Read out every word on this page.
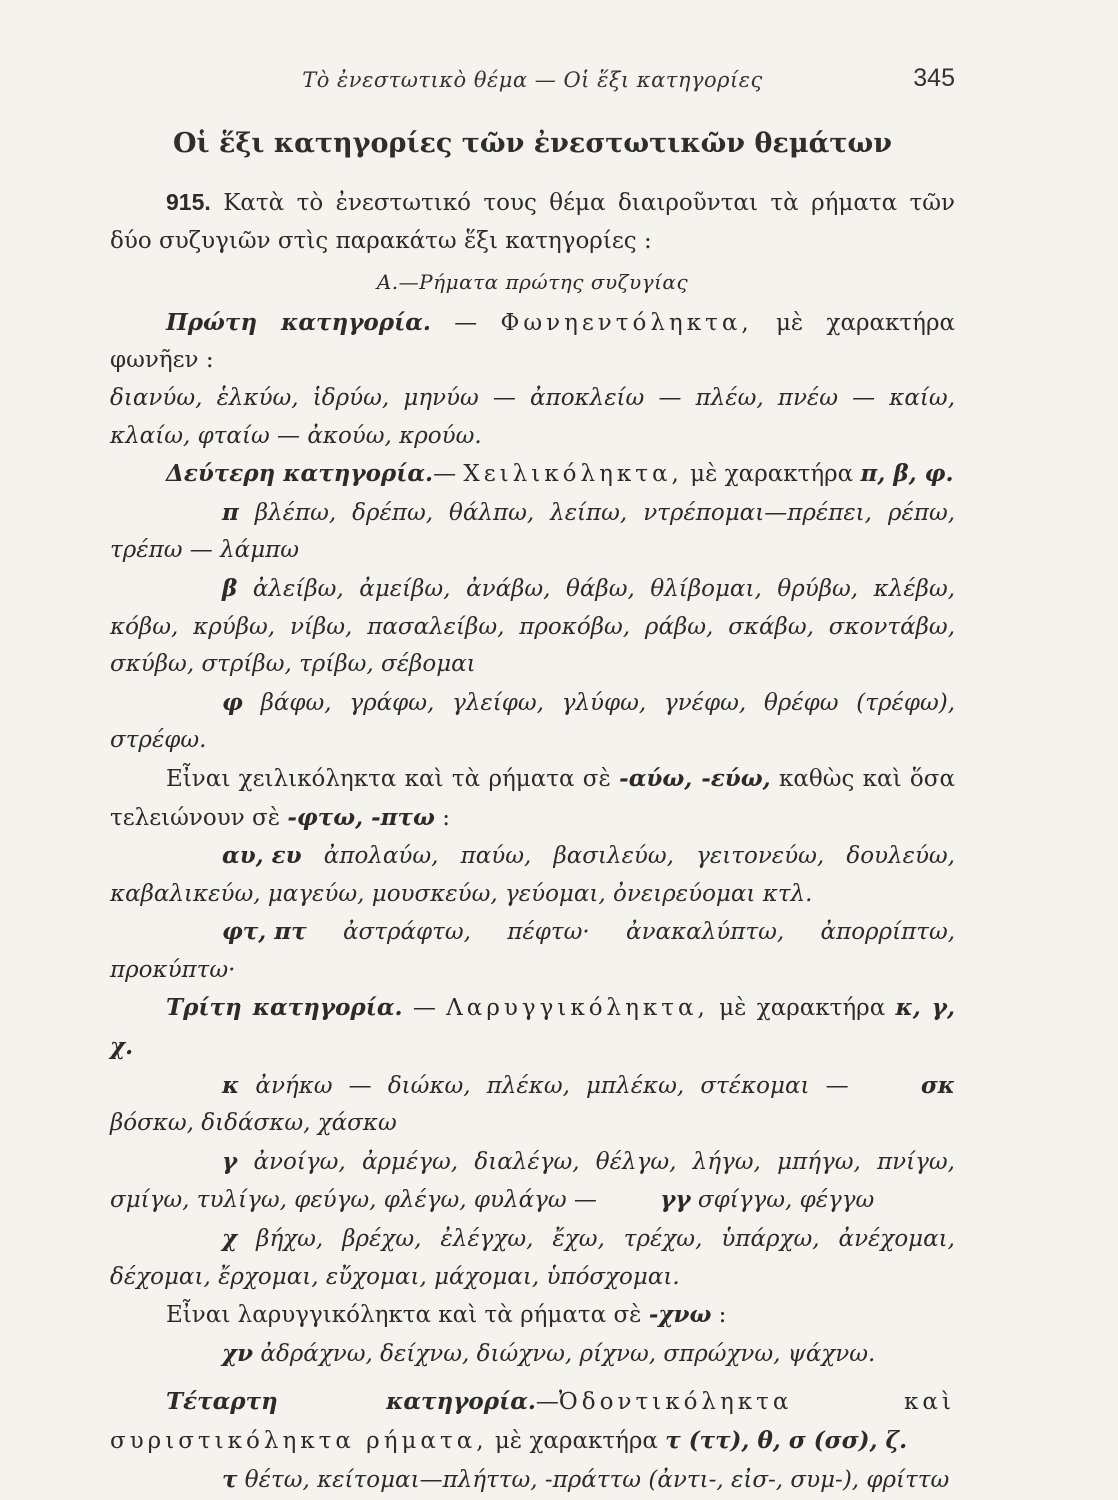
Τὸ ἐνεστωτικὸ θέμα — Οἱ ἕξι κατηγορίες	345
Οἱ ἕξι κατηγορίες τῶν ἐνεστωτικῶν θεμάτων

915. Κατὰ τὸ ἐνεστωτικό τους θέμα διαιροῦνται τὰ ρήματα τῶν δύο συζυγιῶν στὶς παρακάτω ἕξι κατηγορίες :

Α.—Ρήματα πρώτης συζυγίας

Πρώτη κατηγορία. — Φωνηεντόληκτα, μὲ χαρακτήρα φωνῆεν :

διανύω, ἑλκύω, ἱδρύω, μηνύω — ἀποκλείω — πλέω, πνέω — καίω, κλαίω, φταίω — ἀκούω, κρούω.

Δεύτερη κατηγορία.— Χειλικόληκτα, μὲ χαρακτήρα π, β, φ.

π βλέπω, δρέπω, θάλπω, λείπω, ντρέπομαι—πρέπει, ρέπω, τρέπω — λάμπω

β ἀλείβω, ἀμείβω, ἀνάβω, θάβω, θλίβομαι, θρύβω, κλέβω, κόβω, κρύβω, νίβω, πασαλείβω, προκόβω, ράβω, σκάβω, σκοντάβω, σκύβω, στρίβω, τρίβω, σέβομαι

φ βάφω, γράφω, γλείφω, γλύφω, γνέφω, θρέφω (τρέφω), στρέφω.

Εἶναι χειλικόληκτα καὶ τὰ ρήματα σὲ -αύω, -εύω, καθὼς καὶ ὅσα τελειώνουν σὲ -φτω, -πτω :

αυ, ευ ἀπολαύω, παύω, βασιλεύω, γειτονεύω, δουλεύω, καβαλικεύω, μαγεύω, μουσκεύω, γεύομαι, ὀνειρεύομαι κτλ.

φτ, πτ ἀστράφτω, πέφτω· ἀνακαλύπτω, ἀπορρίπτω, προκύπτω·

Τρίτη κατηγορία. — Λαρυγγικόληκτα, μὲ χαρακτήρα κ, γ, χ.

κ ἀνήκω — διώκω, πλέκω, μπλέκω, στέκομαι — σκ βόσκω, διδάσκω, χάσκω

γ ἀνοίγω, ἀρμέγω, διαλέγω, θέλγω, λήγω, μπήγω, πνίγω, σμίγω, τυλίγω, φεύγω, φλέγω, φυλάγω — γγ σφίγγω, φέγγω

χ βήχω, βρέχω, ἐλέγχω, ἔχω, τρέχω, ὑπάρχω, ἀνέχομαι, δέχομαι, ἔρχομαι, εὔχομαι, μάχομαι, ὑπόσχομαι.

Εἶναι λαρυγγικόληκτα καὶ τὰ ρήματα σὲ -χνω :

χν ἀδράχνω, δείχνω, διώχνω, ρίχνω, σπρώχνω, ψάχνω.

Τέταρτη κατηγορία.—Ὀδοντικόληκτα καὶ συριστικόληκτα ρήματα, μὲ χαρακτήρα τ (ττ), θ, σ (σσ), ζ.

τ θέτω, κείτομαι—πλήττω, -πράττω (ἀντι-, εἰσ-, συμ-), φρίττω
